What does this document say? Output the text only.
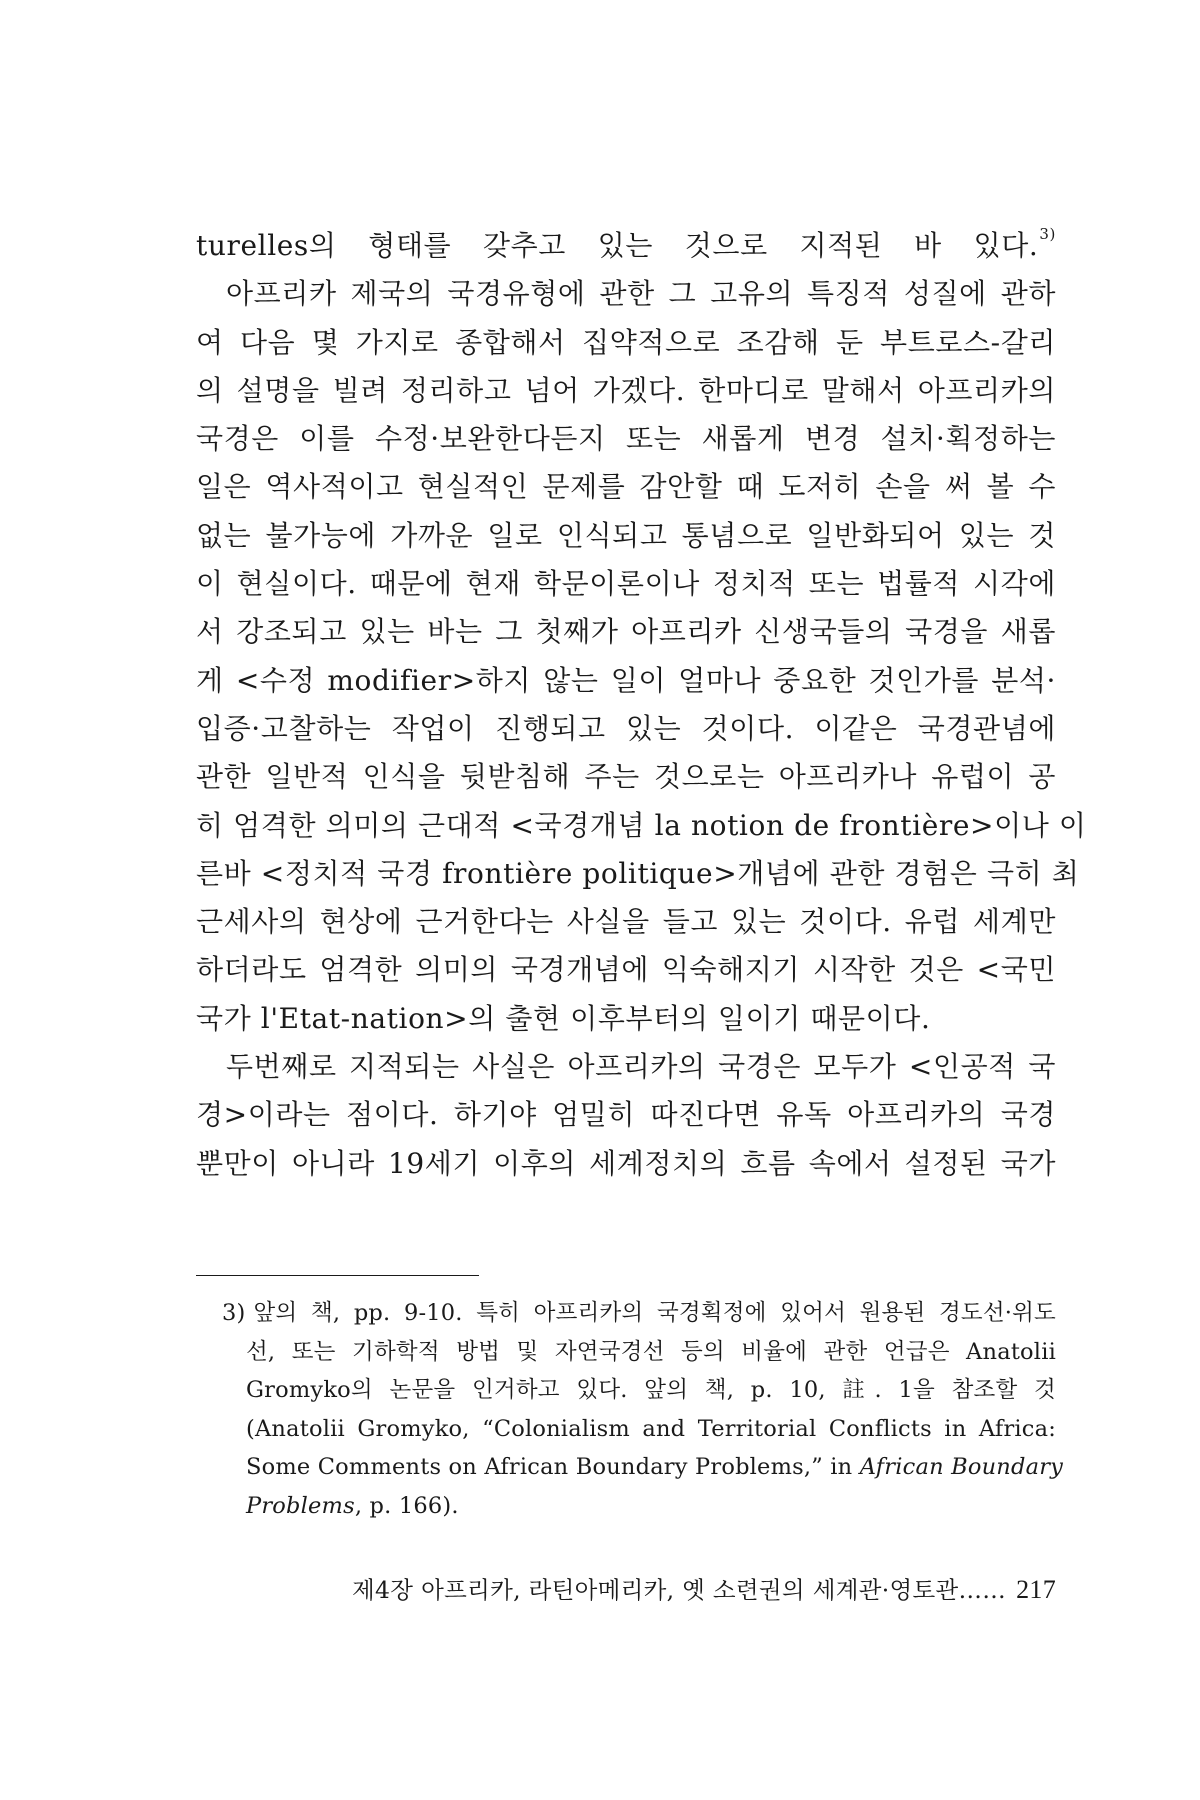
turelles의 형태를 갖추고 있는 것으로 지적된 바 있다.$^{3)}$
아프리카 제국의 국경유형에 관한 그 고유의 특징적 성질에 관하
여 다음 몇 가지로 종합해서 집약적으로 조감해 둔 부트로스-갈리
의 설명을 빌려 정리하고 넘어 가겠다. 한마디로 말해서 아프리카의
국경은 이를 수정·보완한다든지 또는 새롭게 변경 설치·획정하는
일은 역사적이고 현실적인 문제를 감안할 때 도저히 손을 써 볼 수
없는 불가능에 가까운 일로 인식되고 통념으로 일반화되어 있는 것
이 현실이다. 때문에 현재 학문이론이나 정치적 또는 법률적 시각에
서 강조되고 있는 바는 그 첫째가 아프리카 신생국들의 국경을 새롭
게 <수정 modifier>하지 않는 일이 얼마나 중요한 것인가를 분석·
입증·고찰하는 작업이 진행되고 있는 것이다. 이같은 국경관념에
관한 일반적 인식을 뒷받침해 주는 것으로는 아프리카나 유럽이 공
히 엄격한 의미의 근대적 <국경개념 la notion de frontière>이나 이
른바 <정치적 국경 frontière politique>개념에 관한 경험은 극히 최
근세사의 현상에 근거한다는 사실을 들고 있는 것이다. 유럽 세계만
하더라도 엄격한 의미의 국경개념에 익숙해지기 시작한 것은 <국민
국가 l'Etat-nation>의 출현 이후부터의 일이기 때문이다.
두번째로 지적되는 사실은 아프리카의 국경은 모두가 <인공적 국
경>이라는 점이다. 하기야 엄밀히 따진다면 유독 아프리카의 국경
뿐만이 아니라 19세기 이후의 세계정치의 흐름 속에서 설정된 국가
3) 앞의 책, pp. 9-10. 특히 아프리카의 국경획정에 있어서 원용된 경도선·위도
선, 또는 기하학적 방법 및 자연국경선 등의 비율에 관한 언급은 Anatolii
Gromyko의 논문을 인거하고 있다. 앞의 책, p. 10, 註. 1을 참조할 것
(Anatolii Gromyko, “Colonialism and Territorial Conflicts in Africa:
Some Comments on African Boundary Problems,” in African Boundary
Problems, p. 166).
제4장 아프리카, 라틴아메리카, 옛 소련권의 세계관·영토관…… 217
